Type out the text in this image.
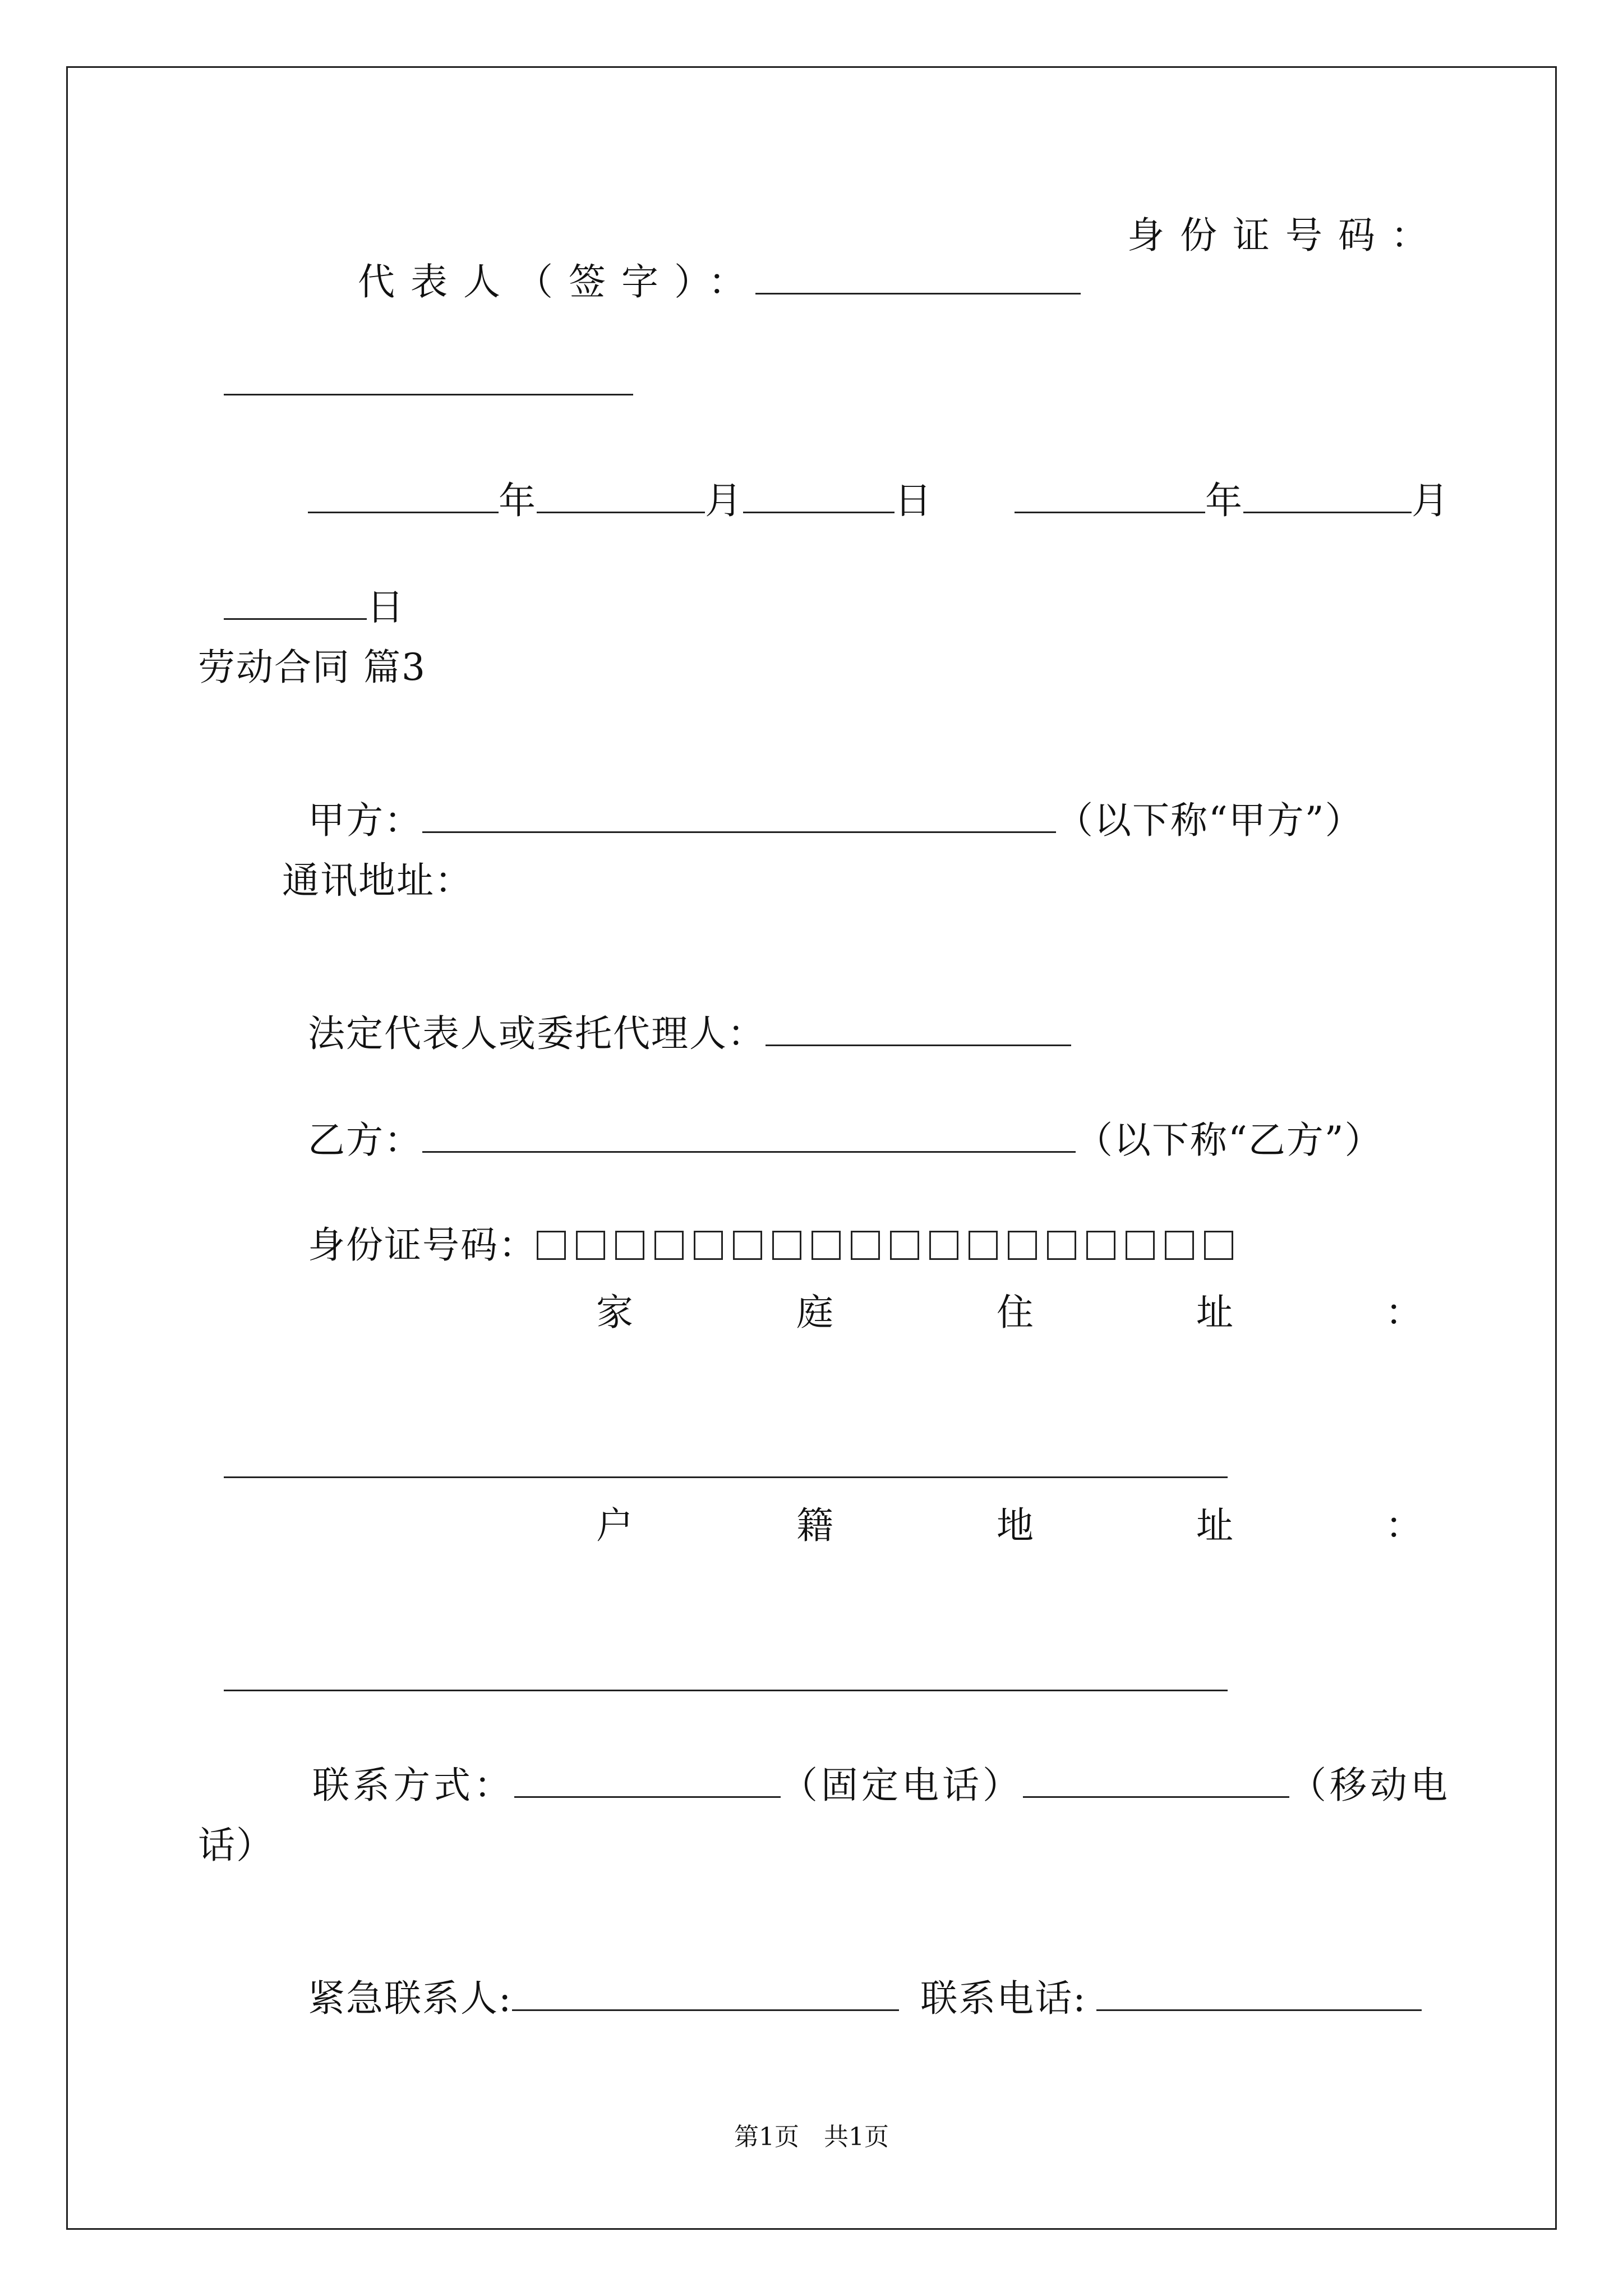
代表人（签字）：

身份证号码：

年	月	日	年	月

日

劳动合同 篇3

甲方：	（以下称“甲方”）

通讯地址：

法定代表人或委托代理人：

乙方：	（以下称“乙方”）

身份证号码：

家	庭	住	址	：

户	籍	地	址	：

联系方式：	（固定电话）	（移动电

话）

紧急联系人:	联系电话:

第1页　共1页
